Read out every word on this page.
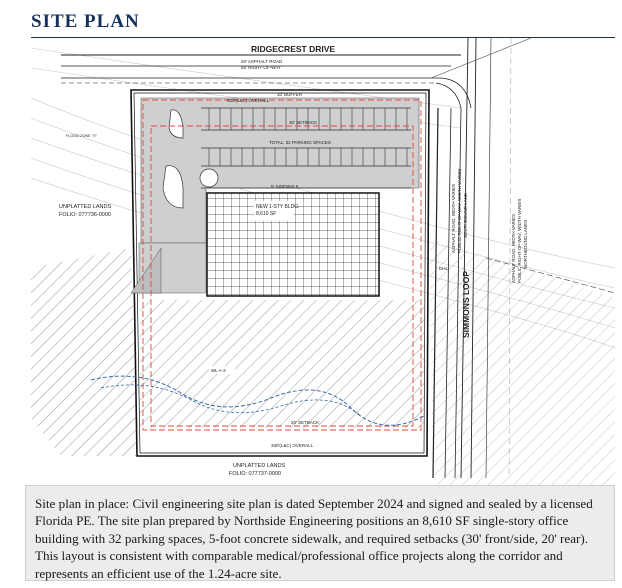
SITE PLAN
RIDGECREST DRIVE
20' ASPHALT ROAD
50' RIGHT-OF-WAY
ASPHALT ROAD, WIDTH VARIES PUBLIC RIGHT-OF-WAY, WIDTH VARIES SOUTHBOUND LANE	ASPHALT ROAD, WIDTH VARIES PUBLIC RIGHT-OF-WAY, WIDTH VARIES NORTHBOUND LANES
TOTAL: 32 PARKING SPACES
NEW 1-STY BLDG.
8,610 SF
5' SIDEWALK
30' SETBACK
20' SETBACK
10' BUFFER
WL A-3
330'(L&C) OVERALL
330'(L&C) OVERALL
UNPLATTED LANDS
FOLIO: 077736-0000
UNPLATTED LANDS
FOLIO: 077737-0000
FLOOD ZONE "X"
DHL
Site plan in place: Civil engineering site plan is dated September 2024 and signed and sealed by a licensed Florida PE. The site plan prepared by Northside Engineering positions an 8,610 SF single-story office building with 32 parking spaces, 5-foot concrete sidewalk, and required setbacks (30' front/side, 20' rear). This layout is consistent with comparable medical/professional office projects along the corridor and represents an efficient use of the 1.24-acre site.
